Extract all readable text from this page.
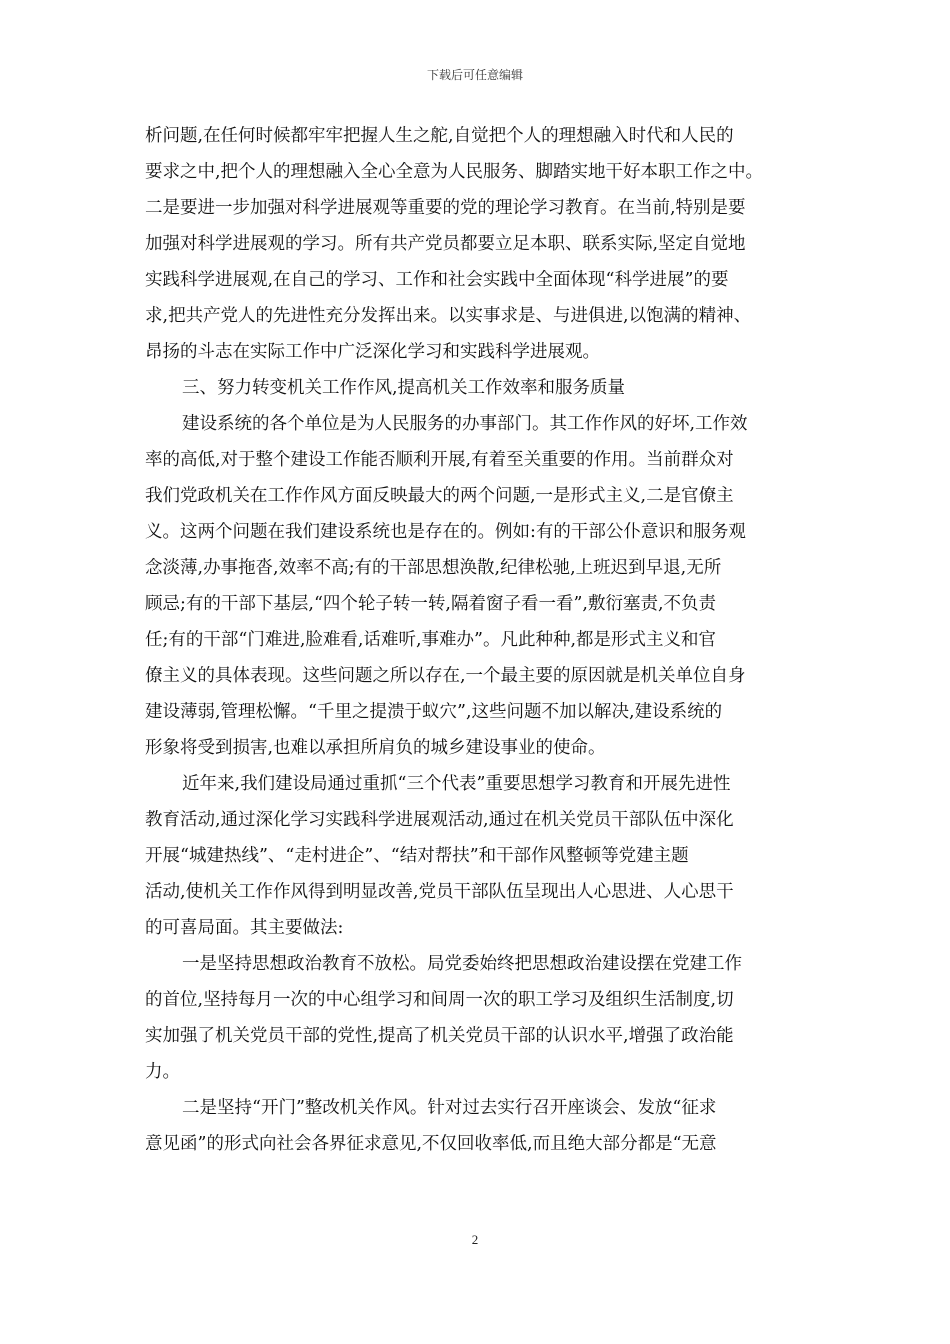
下载后可任意编辑
析问题,在任何时候都牢牢把握人生之舵,自觉把个人的理想融入时代和人民的
要求之中,把个人的理想融入全心全意为人民服务、脚踏实地干好本职工作之中。
二是要进一步加强对科学进展观等重要的党的理论学习教育。在当前,特别是要
加强对科学进展观的学习。所有共产党员都要立足本职、联系实际,坚定自觉地
实践科学进展观,在自己的学习、工作和社会实践中全面体现“科学进展”的要
求,把共产党人的先进性充分发挥出来。以实事求是、与进俱进,以饱满的精神、
昂扬的斗志在实际工作中广泛深化学习和实践科学进展观。
三、努力转变机关工作作风,提高机关工作效率和服务质量
建设系统的各个单位是为人民服务的办事部门。其工作作风的好坏,工作效
率的高低,对于整个建设工作能否顺利开展,有着至关重要的作用。当前群众对
我们党政机关在工作作风方面反映最大的两个问题,一是形式主义,二是官僚主
义。这两个问题在我们建设系统也是存在的。例如:有的干部公仆意识和服务观
念淡薄,办事拖沓,效率不高;有的干部思想涣散,纪律松驰,上班迟到早退,无所
顾忌;有的干部下基层,“四个轮子转一转,隔着窗子看一看”,敷衍塞责,不负责
任;有的干部“门难进,脸难看,话难听,事难办”。凡此种种,都是形式主义和官
僚主义的具体表现。这些问题之所以存在,一个最主要的原因就是机关单位自身
建设薄弱,管理松懈。“千里之提溃于蚁穴”,这些问题不加以解决,建设系统的
形象将受到损害,也难以承担所肩负的城乡建设事业的使命。
近年来,我们建设局通过重抓“三个代表”重要思想学习教育和开展先进性
教育活动,通过深化学习实践科学进展观活动,通过在机关党员干部队伍中深化
开展“城建热线”、“走村进企”、“结对帮扶”和干部作风整顿等党建主题
活动,使机关工作作风得到明显改善,党员干部队伍呈现出人心思进、人心思干
的可喜局面。其主要做法:
一是坚持思想政治教育不放松。局党委始终把思想政治建设摆在党建工作
的首位,坚持每月一次的中心组学习和间周一次的职工学习及组织生活制度,切
实加强了机关党员干部的党性,提高了机关党员干部的认识水平,增强了政治能
力。
二是坚持“开门”整改机关作风。针对过去实行召开座谈会、发放“征求
意见函”的形式向社会各界征求意见,不仅回收率低,而且绝大部分都是“无意
2
